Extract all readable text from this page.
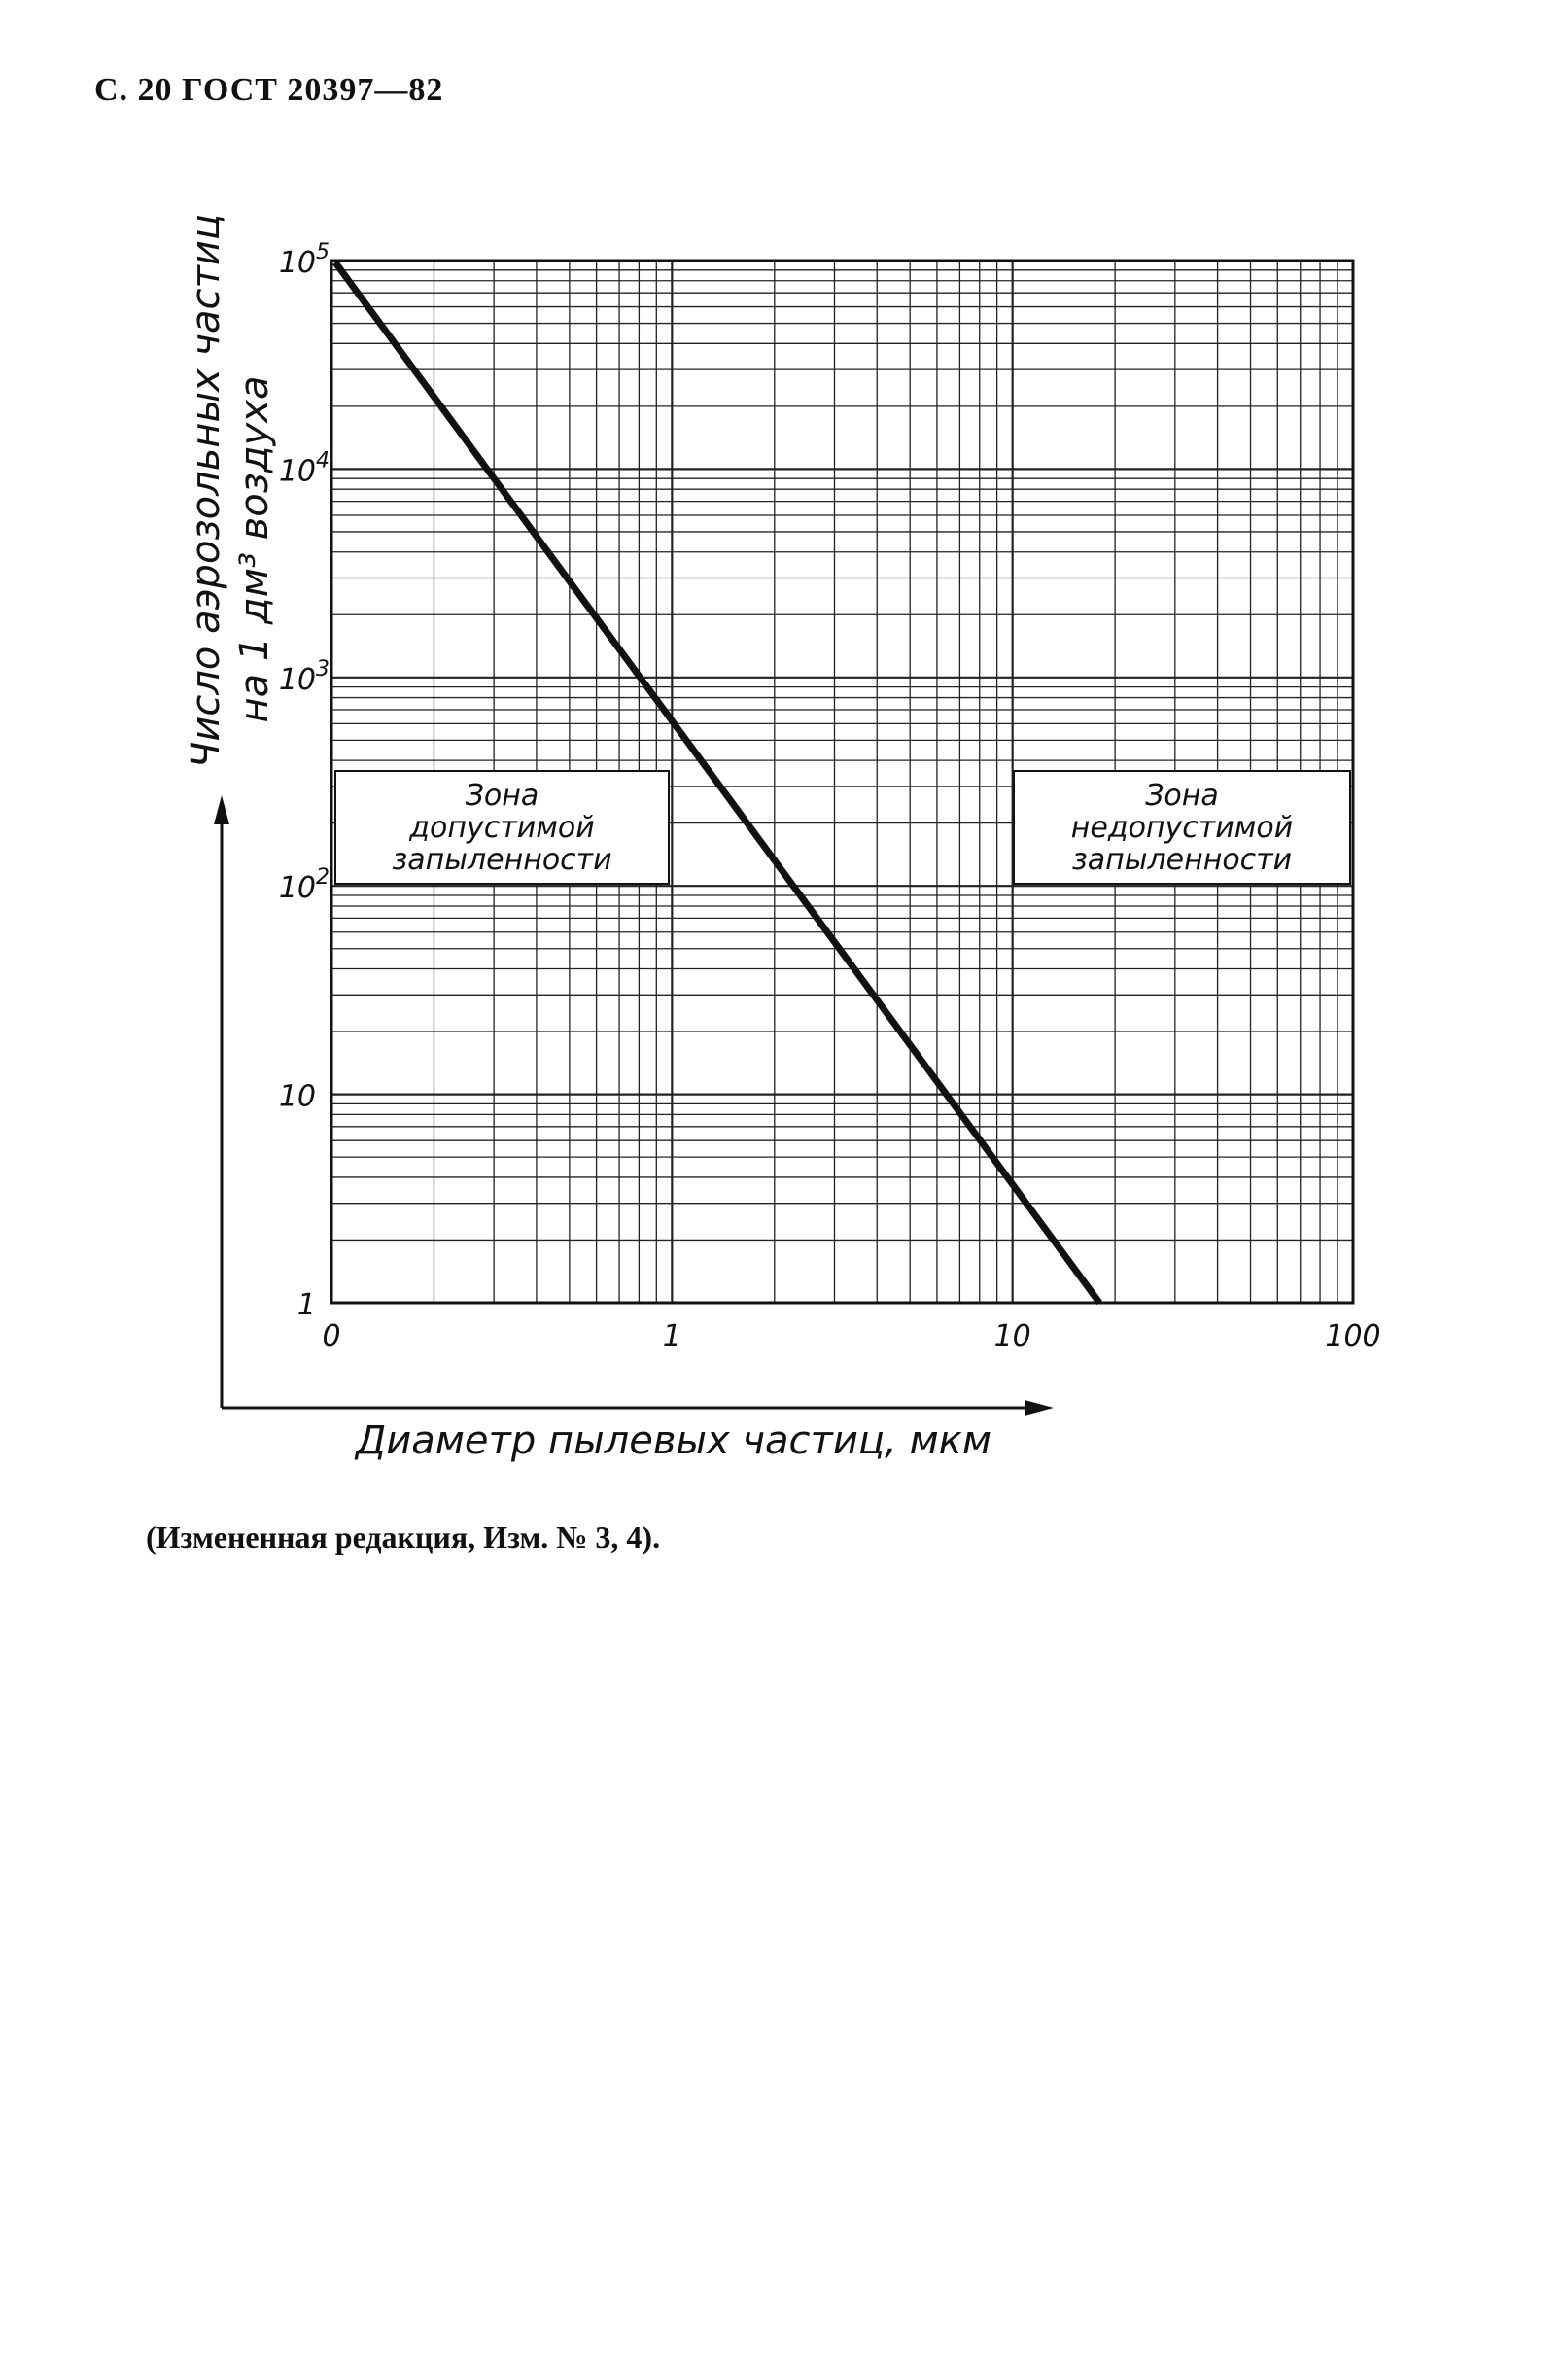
С. 20 ГОСТ 20397—82
Зона
допустимой
запыленности
Зона
недопустимой
запыленности
0	1	10	100
1
10
$10^2$
$10^3$
$10^4$
$10^5$
Число аэрозольных частиц на 1 дм³ воздуха
Диаметр пылевых частиц, мкм
(Измененная редакция, Изм. № 3, 4).
